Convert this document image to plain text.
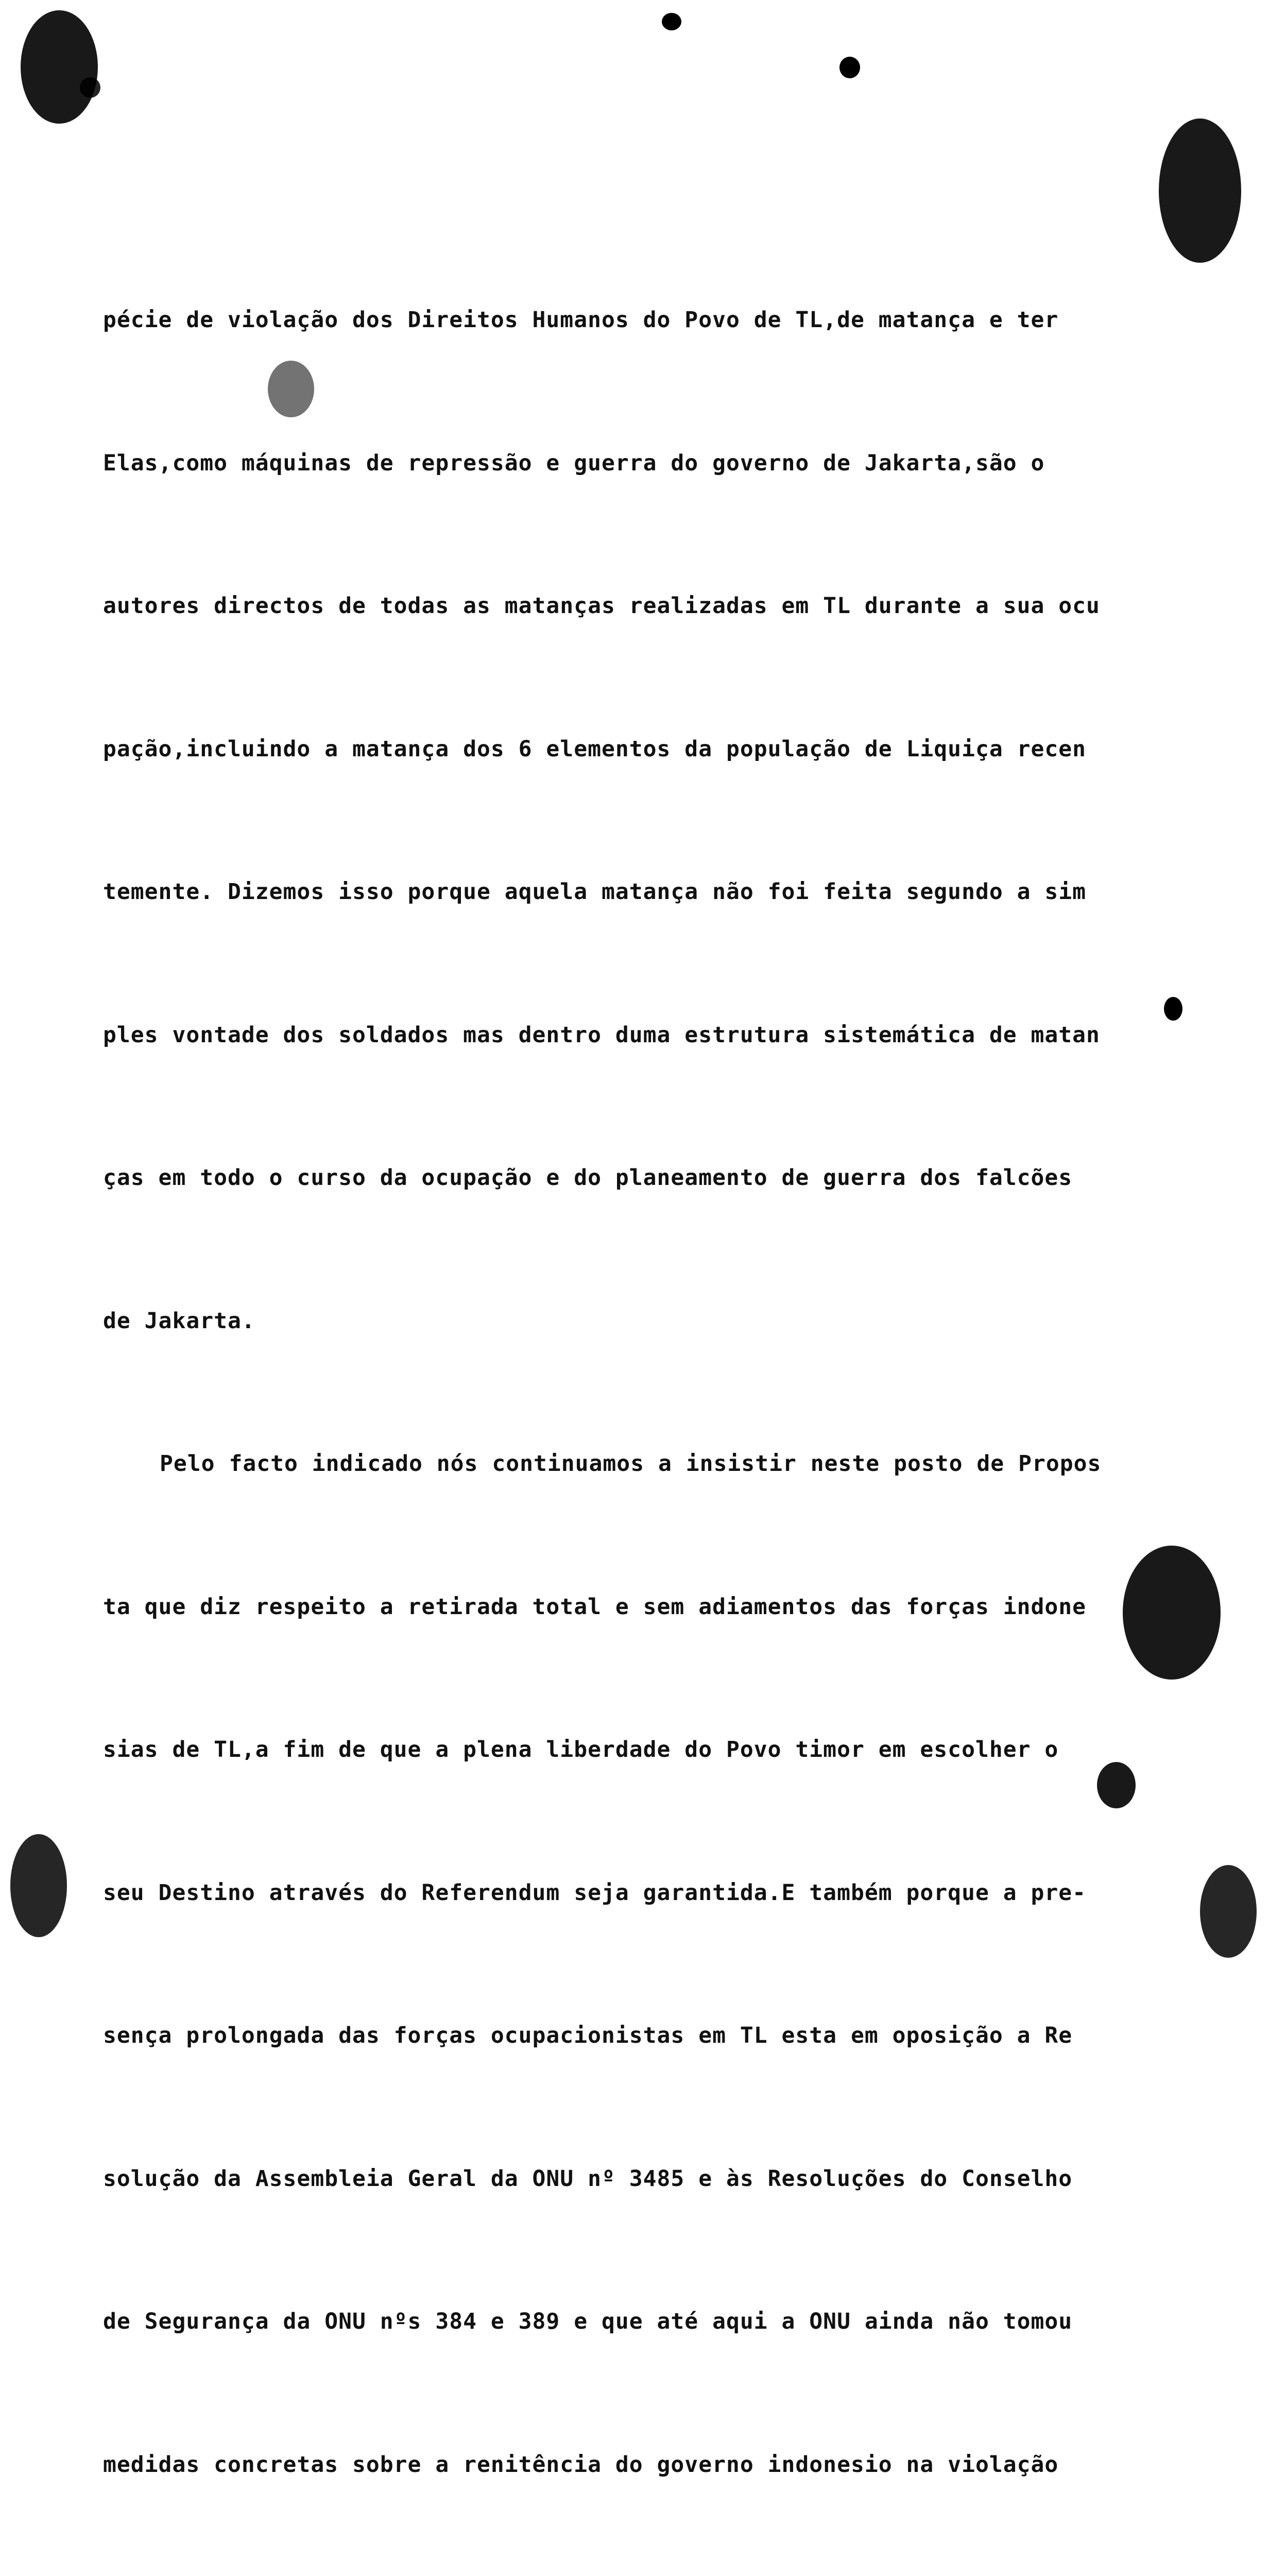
pécie de violação dos Direitos Humanos do Povo de TL,de matança e ter

Elas,como máquinas de repressão e guerra do governo de Jakarta,são o

autores directos de todas as matanças realizadas em TL durante a sua ocu

pação,incluindo a matança dos 6 elementos da população de Liquiça recen

temente. Dizemos isso porque aquela matança não foi feita segundo a sim

ples vontade dos soldados mas dentro duma estrutura sistemática de matan

ças em todo o curso da ocupação e do planeamento de guerra dos falcões

de Jakarta.

Pelo facto indicado nós continuamos a insistir neste posto de Propos

ta que diz respeito a retirada total e sem adiamentos das forças indone

sias de TL,a fim de que a plena liberdade do Povo timor em escolher o

seu Destino através do Referendum seja garantida.E também porque a pre-

sença prolongada das forças ocupacionistas em TL esta em oposição a Re

solução da Assembleia Geral da ONU nº 3485 e às Resoluções do Conselho

de Segurança da ONU nºs 384 e 389 e que até aqui a ONU ainda não tomou

medidas concretas sobre a renitência do governo indonesio na violação
